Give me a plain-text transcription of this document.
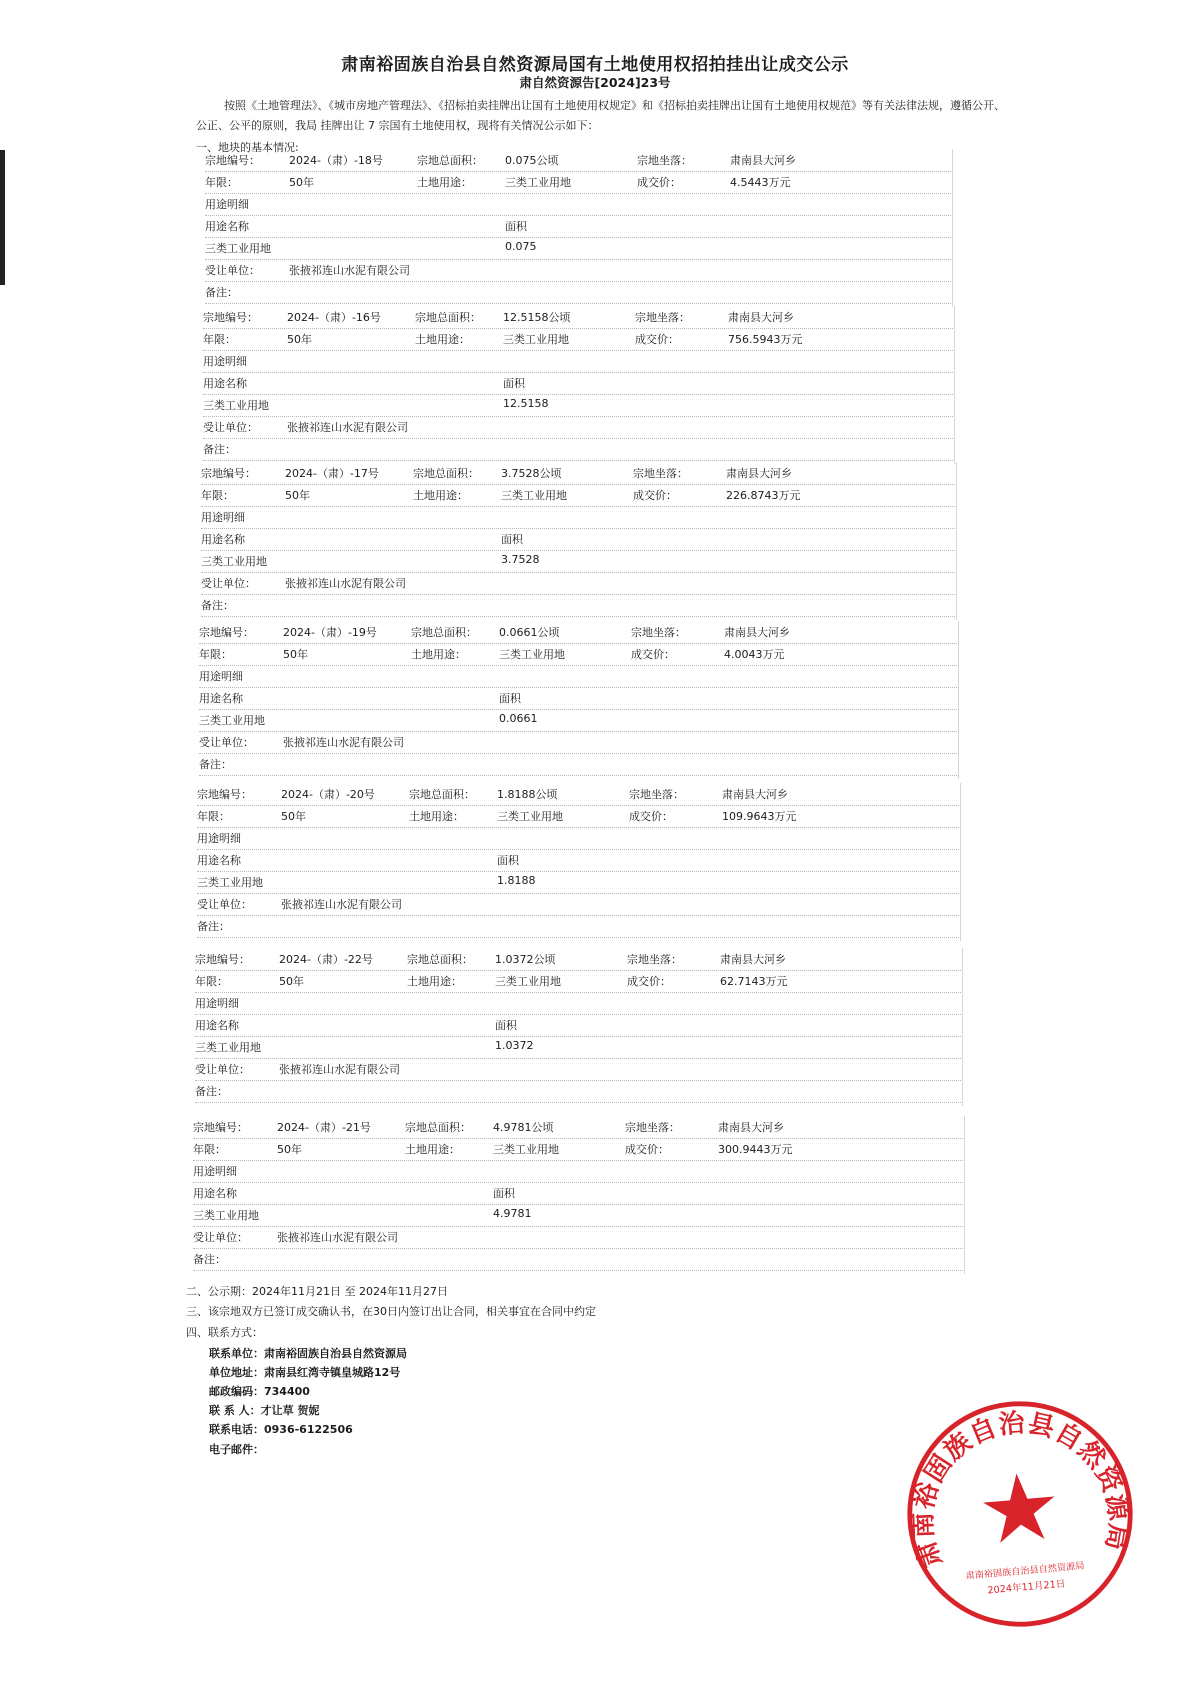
肃南裕固族自治县自然资源局国有土地使用权招拍挂出让成交公示
肃自然资源告[2024]23号
按照《土地管理法》、《城市房地产管理法》、《招标拍卖挂牌出让国有土地使用权规定》和《招标拍卖挂牌出让国有土地使用权规范》等有关法律法规，遵循公开、公正、公平的原则，我局 挂牌出让 7 宗国有土地使用权，现将有关情况公示如下：
一、地块的基本情况:
宗地编号：	2024-（肃）-18号	宗地总面积： 0.075公顷	宗地坐落：	肃南县大河乡
年限：	50年	土地用途：	三类工业用地	成交价：	4.5443万元
用途明细
用途名称	面积
三类工业用地	0.075
受让单位：	张掖祁连山水泥有限公司
备注：
宗地编号：	2024-（肃）-16号	宗地总面积： 12.5158公顷	宗地坐落：	肃南县大河乡
年限：	50年	土地用途：	三类工业用地	成交价：	756.5943万元
用途明细
用途名称	面积
三类工业用地	12.5158
受让单位：	张掖祁连山水泥有限公司
备注：
宗地编号：	2024-（肃）-17号	宗地总面积： 3.7528公顷	宗地坐落：	肃南县大河乡
年限：	50年	土地用途：	三类工业用地	成交价：	226.8743万元
用途明细
用途名称	面积
三类工业用地	3.7528
受让单位：	张掖祁连山水泥有限公司
备注：
宗地编号：	2024-（肃）-19号	宗地总面积： 0.0661公顷	宗地坐落：	肃南县大河乡
年限：	50年	土地用途：	三类工业用地	成交价：	4.0043万元
用途明细
用途名称	面积
三类工业用地	0.0661
受让单位：	张掖祁连山水泥有限公司
备注：
宗地编号：	2024-（肃）-20号	宗地总面积： 1.8188公顷	宗地坐落：	肃南县大河乡
年限：	50年	土地用途：	三类工业用地	成交价：	109.9643万元
用途明细
用途名称	面积
三类工业用地	1.8188
受让单位：	张掖祁连山水泥有限公司
备注：
宗地编号：	2024-（肃）-22号	宗地总面积： 1.0372公顷	宗地坐落：	肃南县大河乡
年限：	50年	土地用途：	三类工业用地	成交价：	62.7143万元
用途明细
用途名称	面积
三类工业用地	1.0372
受让单位：	张掖祁连山水泥有限公司
备注：
宗地编号：	2024-（肃）-21号	宗地总面积： 4.9781公顷	宗地坐落：	肃南县大河乡
年限：	50年	土地用途：	三类工业用地	成交价：	300.9443万元
用途明细
用途名称	面积
三类工业用地	4.9781
受让单位：	张掖祁连山水泥有限公司
备注：
二、公示期：2024年11月21日 至 2024年11月27日
三、该宗地双方已签订成交确认书，在30日内签订出让合同，相关事宜在合同中约定
四、联系方式：
联系单位：肃南裕固族自治县自然资源局
单位地址：肃南县红湾寺镇皇城路12号
邮政编码：734400
联 系 人：才让草 贺妮
联系电话：0936-6122506
电子邮件：
肃南裕固族自治县自然资源局
肃南裕固族自治县自然资源局
2024年11月21日
